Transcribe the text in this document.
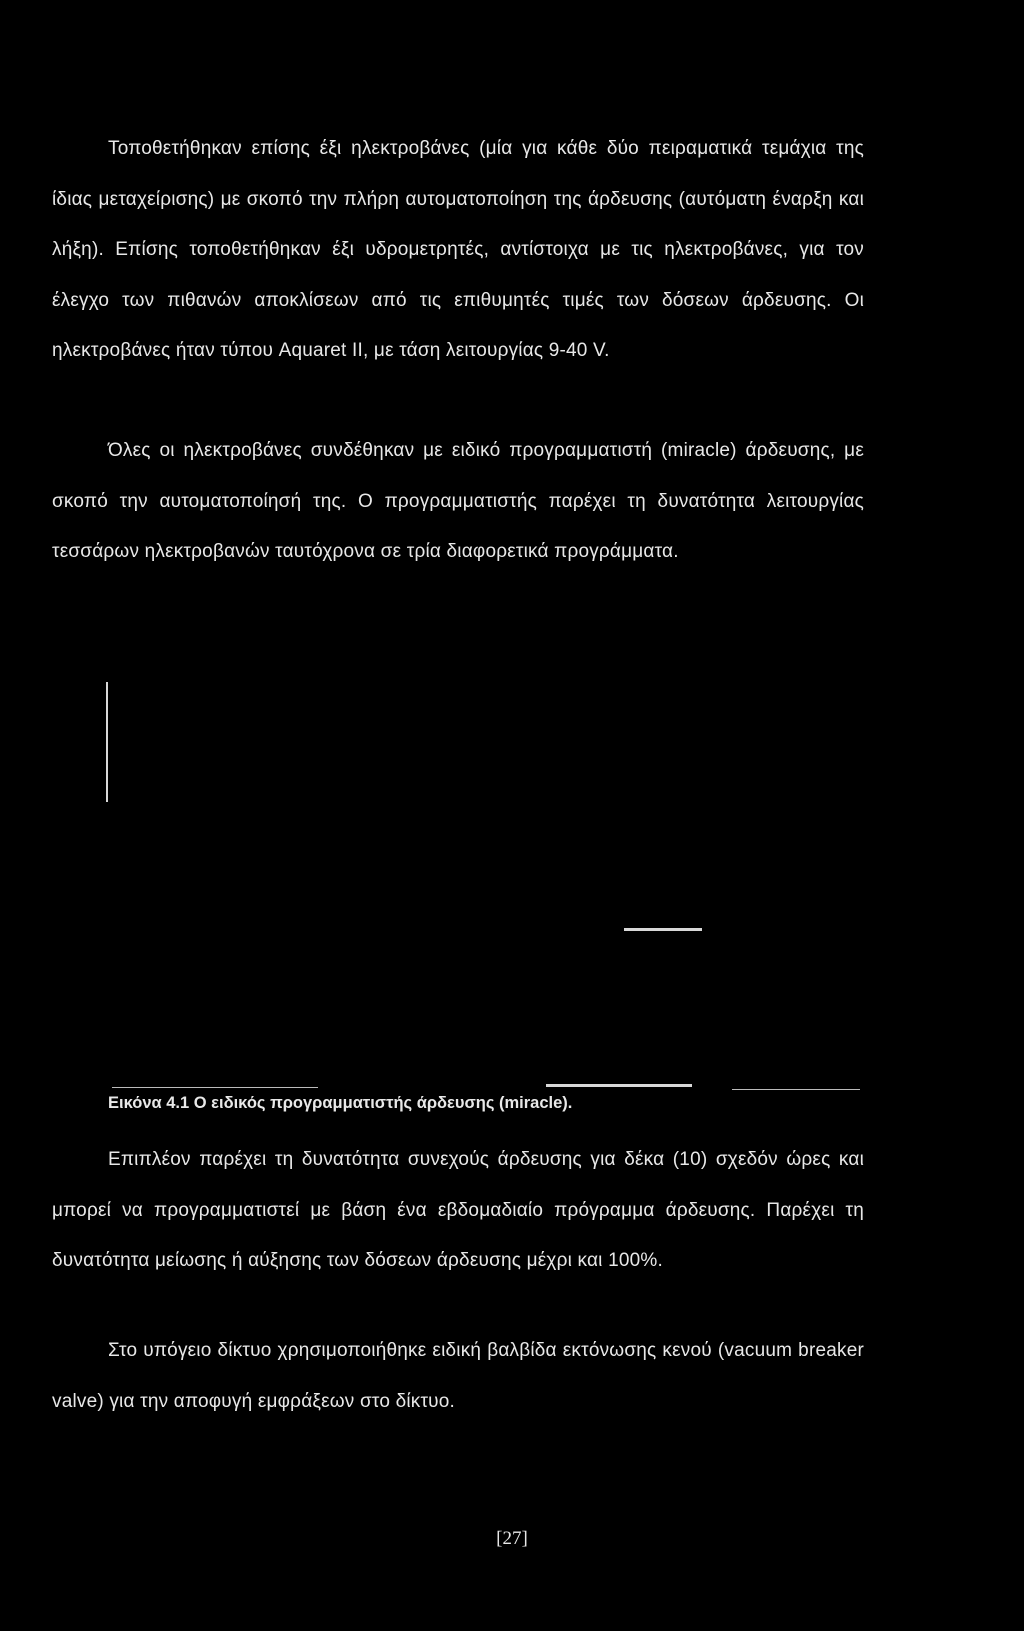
Τοποθετήθηκαν επίσης έξι ηλεκτροβάνες (μία για κάθε δύο πειραματικά τεμάχια της ίδιας μεταχείρισης) με σκοπό την πλήρη αυτοματοποίηση της άρδευσης (αυτόματη έναρξη και λήξη). Επίσης τοποθετήθηκαν έξι υδρομετρητές, αντίστοιχα με τις ηλεκτροβάνες, για τον έλεγχο των πιθανών αποκλίσεων από τις επιθυμητές τιμές των δόσεων άρδευσης. Οι ηλεκτροβάνες ήταν τύπου Aquaret II, με τάση λειτουργίας 9-40 V.

Όλες οι ηλεκτροβάνες συνδέθηκαν με ειδικό προγραμματιστή (miracle) άρδευσης, με σκοπό την αυτοματοποίησή της. Ο προγραμματιστής παρέχει τη δυνατότητα λειτουργίας τεσσάρων ηλεκτροβανών ταυτόχρονα σε τρία διαφορετικά προγράμματα.

Εικόνα 4.1 Ο ειδικός προγραμματιστής άρδευσης (miracle).

Επιπλέον παρέχει τη δυνατότητα συνεχούς άρδευσης για δέκα (10) σχεδόν ώρες και μπορεί να προγραμματιστεί με βάση ένα εβδομαδιαίο πρόγραμμα άρδευσης. Παρέχει τη δυνατότητα μείωσης ή αύξησης των δόσεων άρδευσης μέχρι και 100%.

Στο υπόγειο δίκτυο χρησιμοποιήθηκε ειδική βαλβίδα εκτόνωσης κενού (vacuum breaker valve) για την αποφυγή εμφράξεων στο δίκτυο.

[27]
